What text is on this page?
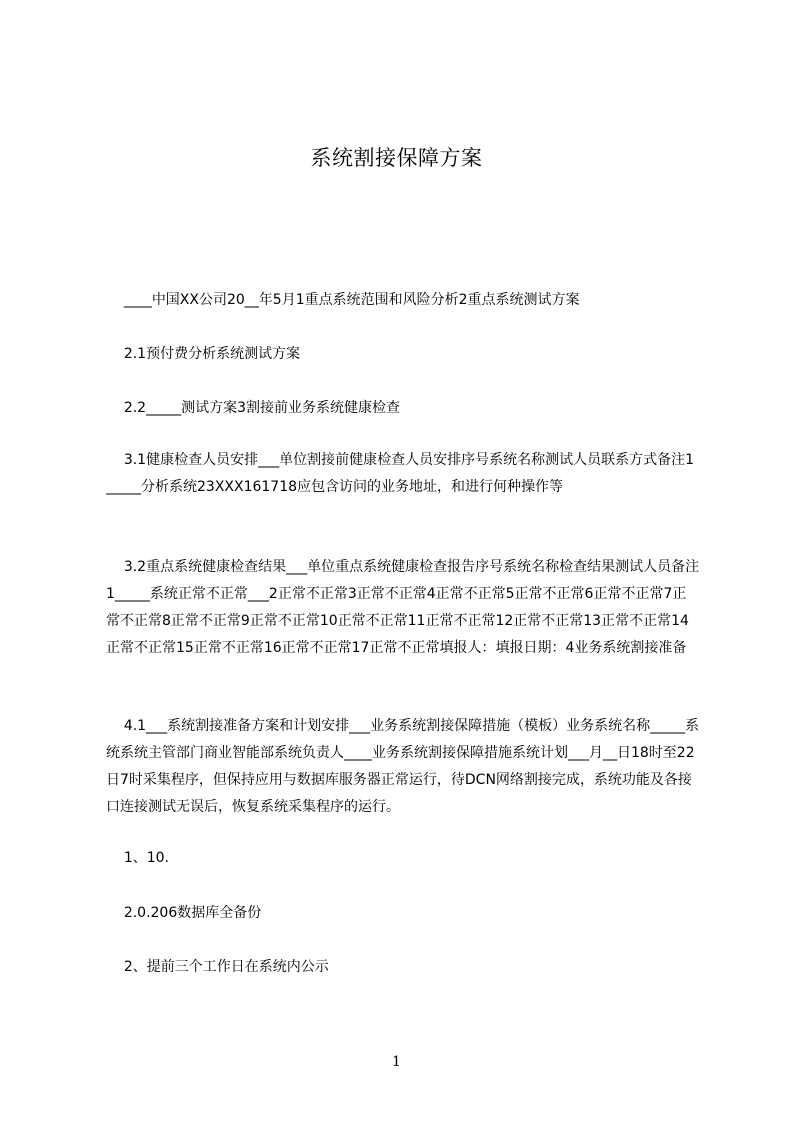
系统割接保障方案
____中国XX公司20__年5月1重点系统范围和风险分析2重点系统测试方案
2.1预付费分析系统测试方案
2.2_____测试方案3割接前业务系统健康检查
3.1健康检查人员安排___单位割接前健康检查人员安排序号系统名称测试人员联系方式备注1_____分析系统23XXX161718应包含访问的业务地址，和进行何种操作等
3.2重点系统健康检查结果___单位重点系统健康检查报告序号系统名称检查结果测试人员备注1_____系统正常不正常___2正常不正常3正常不正常4正常不正常5正常不正常6正常不正常7正常不正常8正常不正常9正常不正常10正常不正常11正常不正常12正常不正常13正常不正常14正常不正常15正常不正常16正常不正常17正常不正常填报人：填报日期：4业务系统割接准备
4.1___系统割接准备方案和计划安排___业务系统割接保障措施（模板）业务系统名称_____系统系统主管部门商业智能部系统负责人____业务系统割接保障措施系统计划___月__日18时至22日7时采集程序，但保持应用与数据库服务器正常运行，待DCN网络割接完成，系统功能及各接口连接测试无误后，恢复系统采集程序的运行。
1、10.
2.0.206数据库全备份
2、提前三个工作日在系统内公示
1
